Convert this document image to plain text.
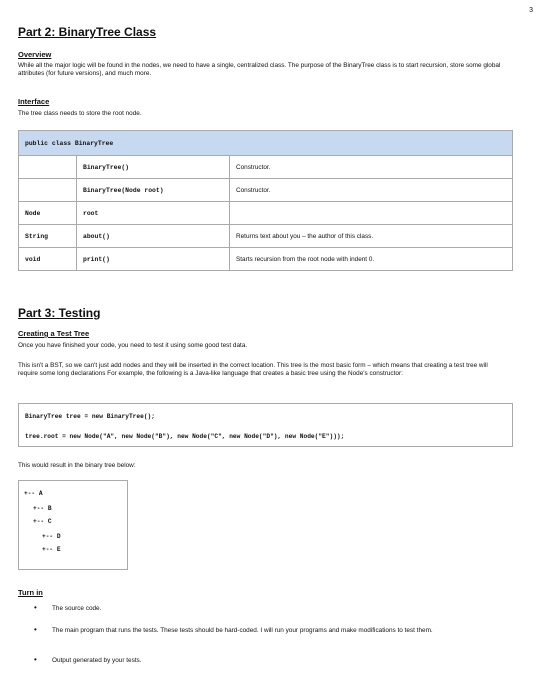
3
Part 2: BinaryTree Class
Overview
While all the major logic will be found in the nodes, we need to have a single, centralized class. The purpose of the BinaryTree class is to start recursion, store some global attributes (for future versions), and much more.
Interface
The tree class needs to store the root node.
public class BinaryTree		
	BinaryTree()	Constructor.
	BinaryTree(Node root)	Constructor.
Node	root	
String	about()	Returns text about you – the author of this class.
void	print()	Starts recursion from the root node with indent 0.
Part 3: Testing
Creating a Test Tree
Once you have finished your code, you need to test it using some good test data.
This isn't a BST, so we can't just add nodes and they will be inserted in the correct location. This tree is the most basic form – which means that creating a test tree will require some long declarations For example, the following is a Java-like language that creates a basic tree using the Node's constructor:
BinaryTree tree = new BinaryTree();
tree.root = new Node("A", new Node("B"), new Node("C", new Node("D"), new Node("E")));
This would result in the binary tree below:
+-- A
+-- B
+-- C
+-- D
+-- E
Turn in
• The source code.
• The main program that runs the tests. These tests should be hard-coded. I will run your programs and make modifications to test them.
• Output generated by your tests.
